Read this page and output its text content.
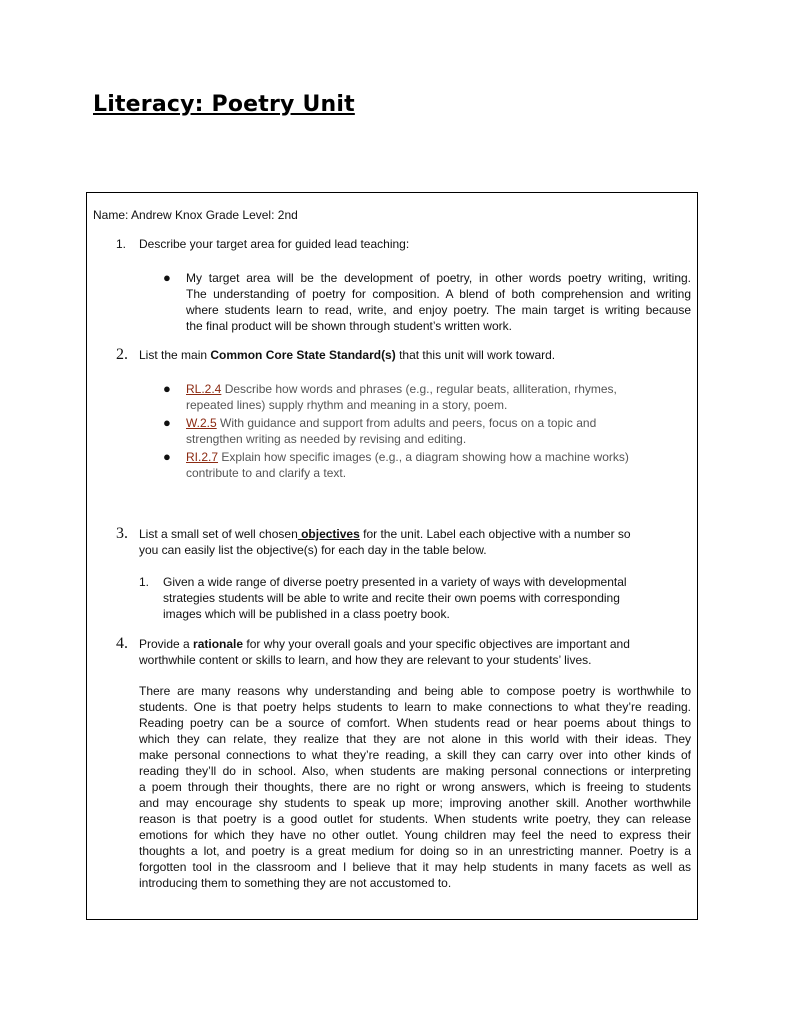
Literacy: Poetry Unit
Name: Andrew Knox Grade Level: 2nd
1. Describe your target area for guided lead teaching:
● My target area will be the development of poetry, in other words poetry writing, writing.

The understanding of poetry for composition. A blend of both comprehension and writing

where students learn to read, write, and enjoy poetry. The main target is writing because

the final product will be shown through student’s written work.

2. List the main Common Core State Standard(s) that this unit will work toward.
● RL.2.4 Describe how words and phrases (e.g., regular beats, alliteration, rhymes,
repeated lines) supply rhythm and meaning in a story, poem.
● W.2.5 With guidance and support from adults and peers, focus on a topic and
strengthen writing as needed by revising and editing.
● RI.2.7 Explain how specific images (e.g., a diagram showing how a machine works)
contribute to and clarify a text.
3. List a small set of well chosen objectives for the unit. Label each objective with a number so
you can easily list the objective(s) for each day in the table below.
1. Given a wide range of diverse poetry presented in a variety of ways with developmental
strategies students will be able to write and recite their own poems with corresponding
images which will be published in a class poetry book.
4. Provide a rationale for why your overall goals and your specific objectives are important and
worthwhile content or skills to learn, and how they are relevant to your students’ lives.

There are many reasons why understanding and being able to compose poetry is worthwhile to

students. One is that poetry helps students to learn to make connections to what they’re reading.

Reading poetry can be a source of comfort. When students read or hear poems about things to

which they can relate, they realize that they are not alone in this world with their ideas. They

make personal connections to what they’re reading, a skill they can carry over into other kinds of

reading they’ll do in school. Also, when students are making personal connections or interpreting

a poem through their thoughts, there are no right or wrong answers, which is freeing to students

and may encourage shy students to speak up more; improving another skill. Another worthwhile

reason is that poetry is a good outlet for students. When students write poetry, they can release

emotions for which they have no other outlet. Young children may feel the need to express their

thoughts a lot, and poetry is a great medium for doing so in an unrestricting manner. Poetry is a

forgotten tool in the classroom and I believe that it may help students in many facets as well as

introducing them to something they are not accustomed to.
